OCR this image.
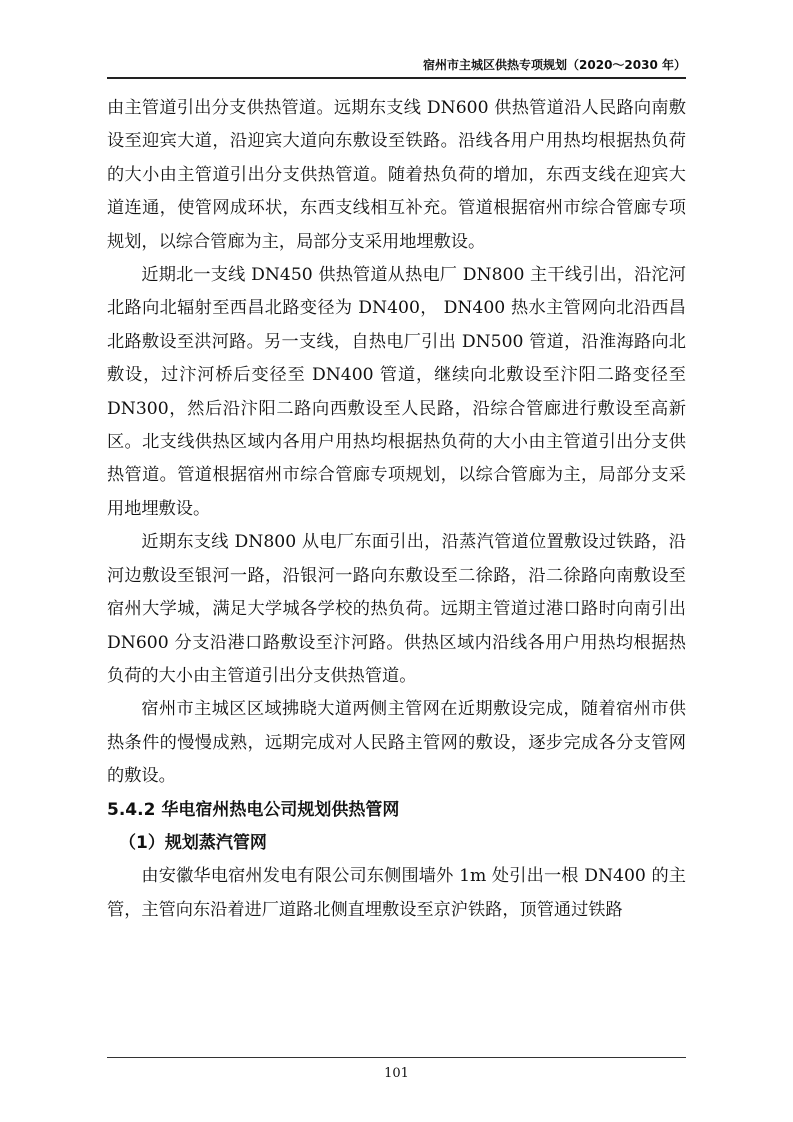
宿州市主城区供热专项规划（2020～2030 年）

由主管道引出分支供热管道。远期东支线 DN600 供热管道沿人民路向南敷设至迎宾大道，沿迎宾大道向东敷设至铁路。沿线各用户用热均根据热负荷的大小由主管道引出分支供热管道。随着热负荷的增加，东西支线在迎宾大道连通，使管网成环状，东西支线相互补充。管道根据宿州市综合管廊专项规划，以综合管廊为主，局部分支采用地埋敷设。

近期北一支线 DN450 供热管道从热电厂 DN800 主干线引出，沿沱河北路向北辐射至西昌北路变径为 DN400， DN400 热水主管网向北沿西昌北路敷设至洪河路。另一支线，自热电厂引出 DN500 管道，沿淮海路向北敷设，过汴河桥后变径至 DN400 管道，继续向北敷设至汴阳二路变径至 DN300，然后沿汴阳二路向西敷设至人民路，沿综合管廊进行敷设至高新区。北支线供热区域内各用户用热均根据热负荷的大小由主管道引出分支供热管道。管道根据宿州市综合管廊专项规划，以综合管廊为主，局部分支采用地埋敷设。

近期东支线 DN800 从电厂东面引出，沿蒸汽管道位置敷设过铁路，沿河边敷设至银河一路，沿银河一路向东敷设至二徐路，沿二徐路向南敷设至宿州大学城，满足大学城各学校的热负荷。远期主管道过港口路时向南引出 DN600 分支沿港口路敷设至汴河路。供热区域内沿线各用户用热均根据热负荷的大小由主管道引出分支供热管道。

宿州市主城区区域拂晓大道两侧主管网在近期敷设完成，随着宿州市供热条件的慢慢成熟，远期完成对人民路主管网的敷设，逐步完成各分支管网的敷设。

5.4.2 华电宿州热电公司规划供热管网

（1）规划蒸汽管网

由安徽华电宿州发电有限公司东侧围墙外 1m 处引出一根 DN400 的主管，主管向东沿着进厂道路北侧直埋敷设至京沪铁路，顶管通过铁路

101
